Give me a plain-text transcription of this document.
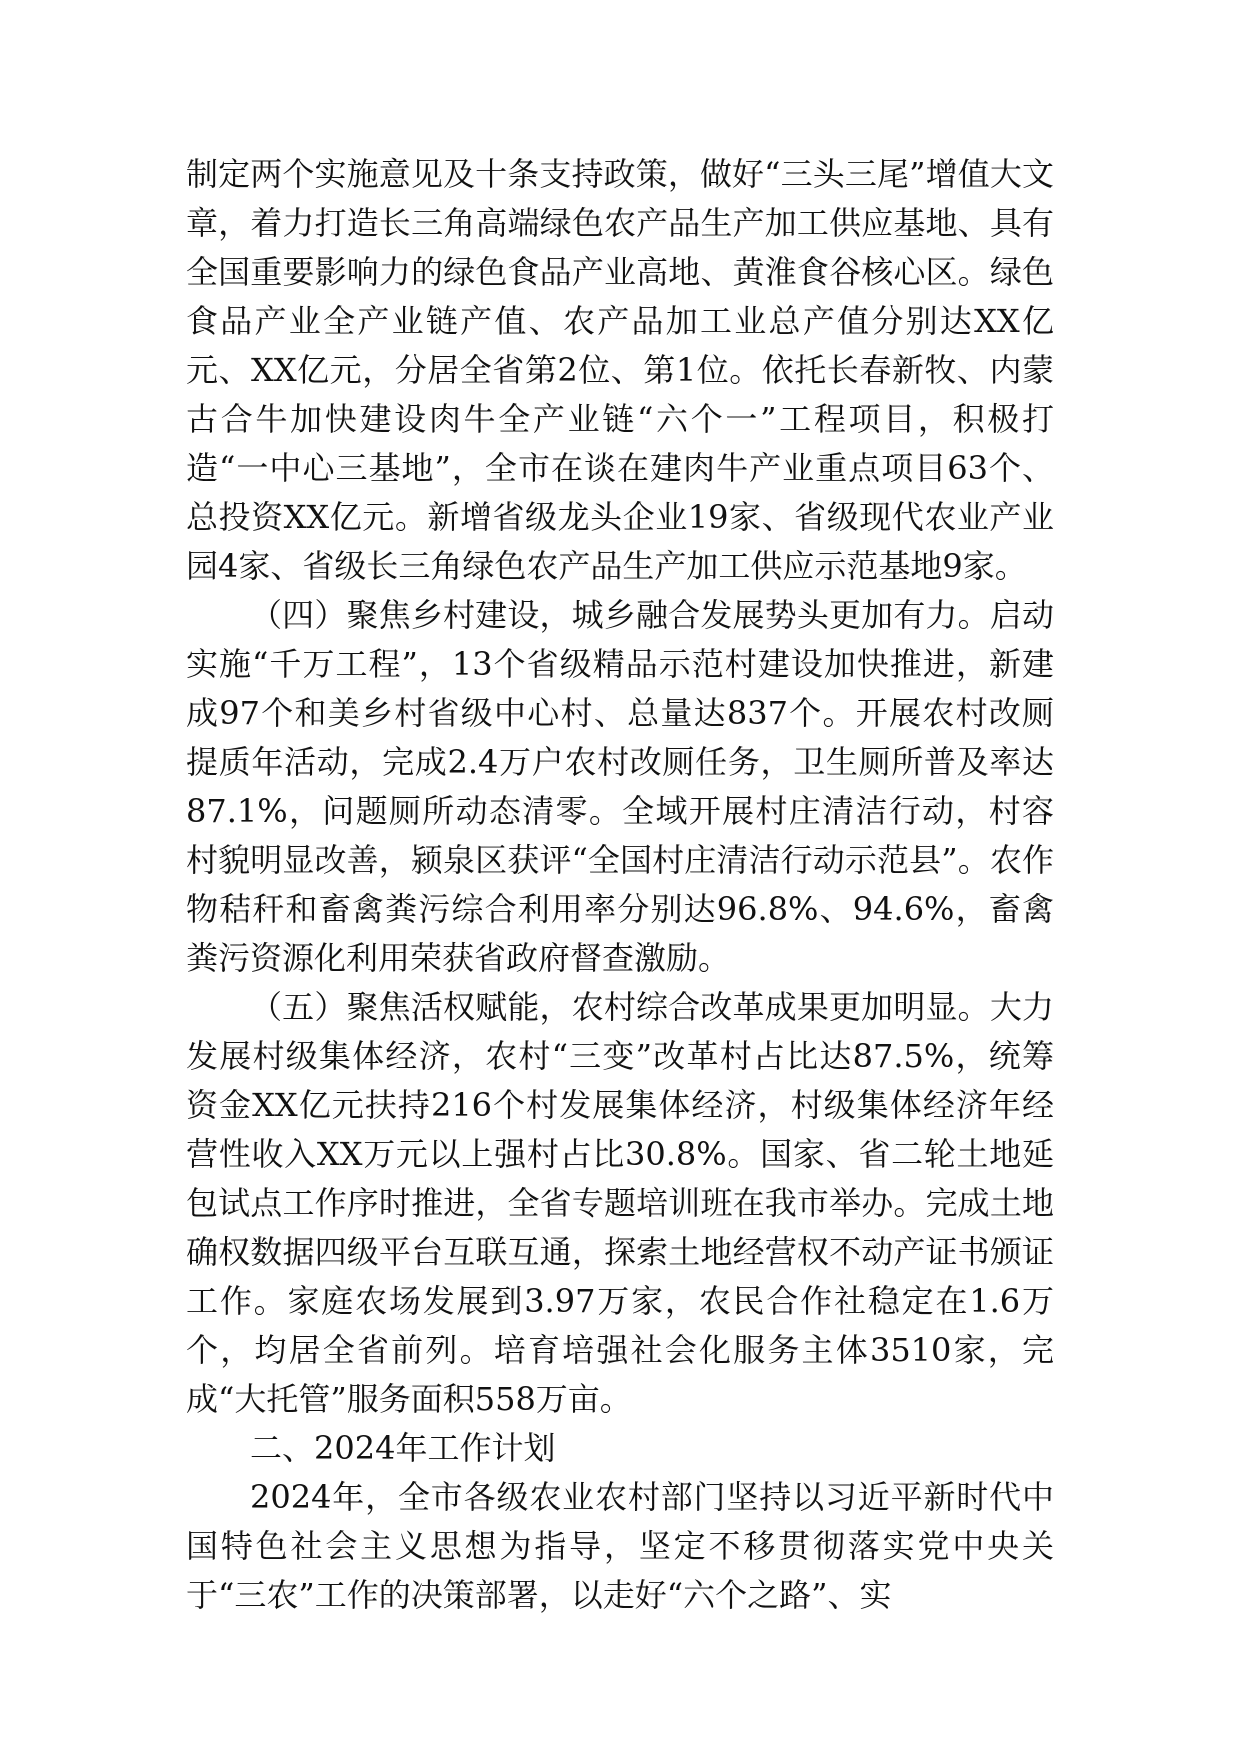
制定两个实施意见及十条支持政策，做好“三头三尾”增值大文章，着力打造长三角高端绿色农产品生产加工供应基地、具有全国重要影响力的绿色食品产业高地、黄淮食谷核心区。绿色食品产业全产业链产值、农产品加工业总产值分别达XX亿元、XX亿元，分居全省第2位、第1位。依托长春新牧、内蒙古合牛加快建设肉牛全产业链“六个一”工程项目，积极打造“一中心三基地”，全市在谈在建肉牛产业重点项目63个、总投资XX亿元。新增省级龙头企业19家、省级现代农业产业园4家、省级长三角绿色农产品生产加工供应示范基地9家。

（四）聚焦乡村建设，城乡融合发展势头更加有力。启动实施“千万工程”，13个省级精品示范村建设加快推进，新建成97个和美乡村省级中心村、总量达837个。开展农村改厕提质年活动，完成2.4万户农村改厕任务，卫生厕所普及率达87.1%，问题厕所动态清零。全域开展村庄清洁行动，村容村貌明显改善，颍泉区获评“全国村庄清洁行动示范县”。农作物秸秆和畜禽粪污综合利用率分别达96.8%、94.6%，畜禽粪污资源化利用荣获省政府督查激励。

（五）聚焦活权赋能，农村综合改革成果更加明显。大力发展村级集体经济，农村“三变”改革村占比达87.5%，统筹资金XX亿元扶持216个村发展集体经济，村级集体经济年经营性收入XX万元以上强村占比30.8%。国家、省二轮土地延包试点工作序时推进，全省专题培训班在我市举办。完成土地确权数据四级平台互联互通，探索土地经营权不动产证书颁证工作。家庭农场发展到3.97万家，农民合作社稳定在1.6万个，均居全省前列。培育培强社会化服务主体3510家，完成“大托管”服务面积558万亩。

二、2024年工作计划

2024年，全市各级农业农村部门坚持以习近平新时代中国特色社会主义思想为指导，坚定不移贯彻落实党中央关于“三农”工作的决策部署，以走好“六个之路”、实
